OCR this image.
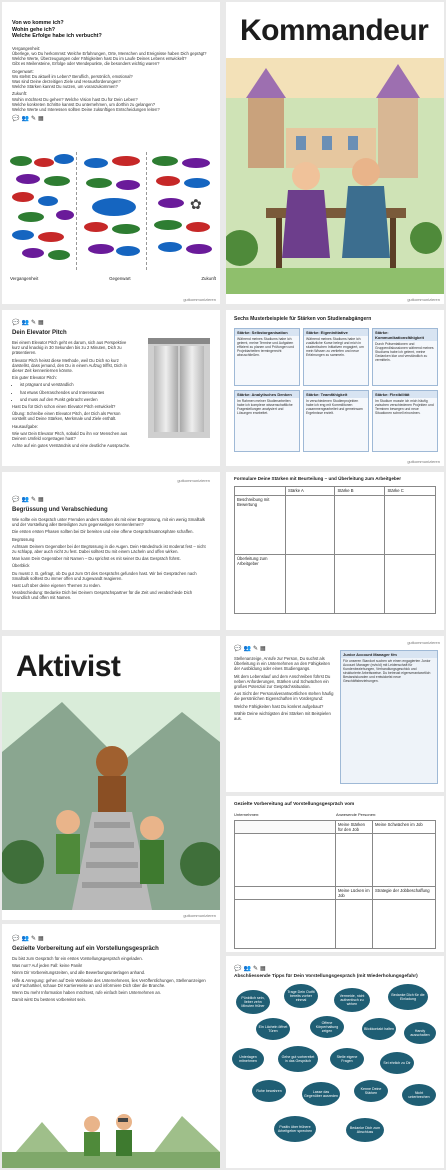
Von wo komme ich?
Wohin gehe ich?
Welche Erfolge habe ich verbucht?
Vergangenheit:
Überlege, wo Du herkommst: Welche Erfahrungen, Orte, Menschen und Ereignisse haben Dich geprägt?
Welche Werte, Überzeugungen oder Fähigkeiten hast Du im Laufe Deines Lebens entwickelt?
Gibt es Meilensteine, Erfolge oder Wendepunkte, die besonders wichtig waren?
Gegenwart:
Wo stehst Du aktuell im Leben? Beruflich, persönlich, emotional?
Was sind Deine derzeitigen Ziele und Herausforderungen?
Welche Stärken kannst Du nutzen, um voranzukommen?
Zukunft:
Wohin möchtest Du gehen? Welche Vision hast Du für Dein Leben?
Welche konkreten Schritte kannst Du unternehmen, um dorthin zu gelangen?
Welche Werte und Interessen sollten Deine zukünftigen Entscheidungen leiten?
💬 👥 ✎ ▦
✿
Vergangenheit	Gegenwart	Zukunft
gutkommunizieren
Kommandeur
gutkommunizieren
💬 👥 ✎ ▦
Dein Elevator Pitch
Bei einem Elevator Pitch geht es darum, sich aus Perspektive kurz und knackig in 30 Sekunden bis zu 2 Minuten, Dich zu präsentieren.
Elevator Pitch heisst diese Methode, weil Du Dich so kurz darstellst, dass jemand, den Du in einem Aufzug triffst, Dich in dieser Zeit kennenlernen könnte.
Ein guter Elevator Pitch:
• ist prägnant und verständlich
• hat etwas Überraschendes und Interessantes
• und muss auf den Punkt gebracht werden
Hast Du für Dich schon einen Elevator Pitch entwickelt?
Übung: Schreibe einen Elevator Pitch, der Dich als Person vorstellt und Deine Stärken, Merkmale und Ziele enthält.
Hausaufgabe:
Wie war Dein Elevator Pitch, sobald Du ihn vor Menschen aus Deinem Umfeld vorgetragen hast?
Achte auf ein gutes Verständnis und eine deutliche Aussprache.
Sechs Musterbeispiele für Stärken von Studienabgängern
Stärke: Selbstorganisation
Während meines Studiums habe ich gelernt, meine Termine und Aufgaben effizient zu planen und Prüfungen und Projektarbeiten termingerecht abzuschließen.
Stärke: Eigeninitiative
Während meines Studiums habe ich zusätzliche Kurse belegt und mich in studentischen Initiativen engagiert, um mein Wissen zu vertiefen und neue Erfahrungen zu sammeln.
Stärke: Kommunikationsfähigkeit
Durch Präsentationen und Gruppendiskussionen während meines Studiums habe ich gelernt, meine Gedanken klar und verständlich zu vermitteln.
Stärke: Analytisches Denken
Im Rahmen meiner Studienarbeiten habe ich komplexe wissenschaftliche Fragestellungen analysiert und Lösungen erarbeitet.
Stärke: Teamfähigkeit
In verschiedenen Studienprojekten habe ich eng mit Kommilitonen zusammengearbeitet und gemeinsam Ergebnisse erzielt.
Stärke: Flexibilität
Im Studium musste ich mich häufig zwischen verschiedenen Projekten und Terminen bewegen und neue Situationen schnell einordnen.
gutkommunizieren
gutkommunizieren
💬 👥 ✎ ▦
Begrüssung und Verabschiedung
Wie sollte ein Gespräch unter Fremden anders starten als mit einer Begrüssung, mit ein wenig Smalltalk und der Vorstellung aller Beteiligten zum gegenseitigen Kennenlernen?
Die ersten ersten Phasen sollten bei Dir bereiten und eine offene Gesprächsatmosphäre schaffen.
Begrüssung
Achtsam Deinem Gegenüber bei der Begrüssung in die Augen. Dein Händedruck ist moderat fest – nicht zu schlapp, aber auch nicht zu fest. Dabei solltest Du mit einem Lächeln und offen wirken.
Man kann Dein Gegenüber mit Namen – Du sprichst es mit seiner Du das Gespräch führst.
Überblick
Du musst z. B. gefragt, ob Du gut zum Ort des Gesprächs gefunden hast. Wir bei Gesprächen nach Smalltalk solltest Du immer offen und zugewandt reagieren.
Hast Luft über deine eigenen Themen zu reden.
Verabschiedung: Bedanke Dich bei Deinem Gesprächspartner für die Zeit und verabschiede Dich freundlich und offen mit Namen.
Formulare Deine Stärken mit Beurteilung – und Überleitung zum Arbeitgeber
	Stärke A	Stärke B	Stärke C
Beschreibung mit Bewertung			
Überleitung zum Arbeitgeber			
Aktivist
gutkommunizieren
💬 👥 ✎ ▦
Stellenanzeige, Anrufe zur Person, Du suchst als Überleitung in ein Unternehmen an den Fähigkeiten der Ausbildung oder eines Studiengangs.
Mit dem Lebenslauf und dem Anschreiben führst Du neben Anforderungen, Stärken und Schwächen ein großes Potenzial zur Gesprächssituation.
Aus Sicht der Personalverantwortlichen stehen häufig die persönlichen Eigenschaften im Vordergrund:
Welche Fähigkeiten hast Du konkret aufgebaut?
Wähle Deine wichtigsten drei Stärken mit Beispielen aus.
Junior Account Manager f/m
Für unseren Standort suchen wir einen engagierten Junior Account Manager (m/w/d) mit Leidenschaft für Kundenbeziehungen, Verhandlungsgeschick und strukturierte Arbeitsweise. Du betreust eigenverantwortlich Bestandskunden und entwickelst neue Geschäftsbeziehungen.
gutkommunizieren
Gezielte Vorbereitung auf Vorstellungsgespräch vom
Unternehmen:	Anwesende Personen:
	Meine Stärken für den Job	Meine Schwächen im Job

	Meine Lücken im Job	Strategie der Jobbeschaffung

💬 👥 ✎ ▦
Gezielte Vorbereitung auf ein Vorstellungsgespräch
Du bist zum Gespräch für ein erstes Vorstellungsgespräch eingeladen.
Was nun? Auf jeden Fall: keine Panik!
Nimm Dir Vorbereitungszeiten, und alle Bewerbungsunterlagen anhand.
Hilfe & Anregung: gehen auf Dein Webseite des Unternehmens, lies Veröffentlichungen, Stellenanzeigen und Fachartikel, schaue Dir Karriereseite an und informiere Dich über die Branche.
Wenn Du mehr Information haben möchtest, rufe einfach beim Unternehmen an.
Damit wirst Du bestens vorbereitet sein.
💬 👥 ✎ ▦
Abschliessende Tipps für Dein Vorstellungsgespräch (mit Wiederholungsgefahr)
Pünktlich sein, lieber zehn Minuten früher
Trage Dein Outfit bereits vorher einmal
Vermeide, nicht authentisch zu wirken
Bedanke Dich für die Einladung
Ein Lächeln öffnet Türen
Offene Körperhaltung zeigen	Blickkontakt halten	Handy ausschalten
Unterlagen mitnehmen
Gehe gut vorbereitet in das Gespräch
Stelle eigene Fragen	Sei ehrlich zu Dir
Ruhe bewahren	Lasse das Gegenüber ausreden
Kenne Deine Stärken	Nicht unterbrechen
Positiv über frühere Arbeitgeber sprechen
Bedanke Dich zum Abschluss
